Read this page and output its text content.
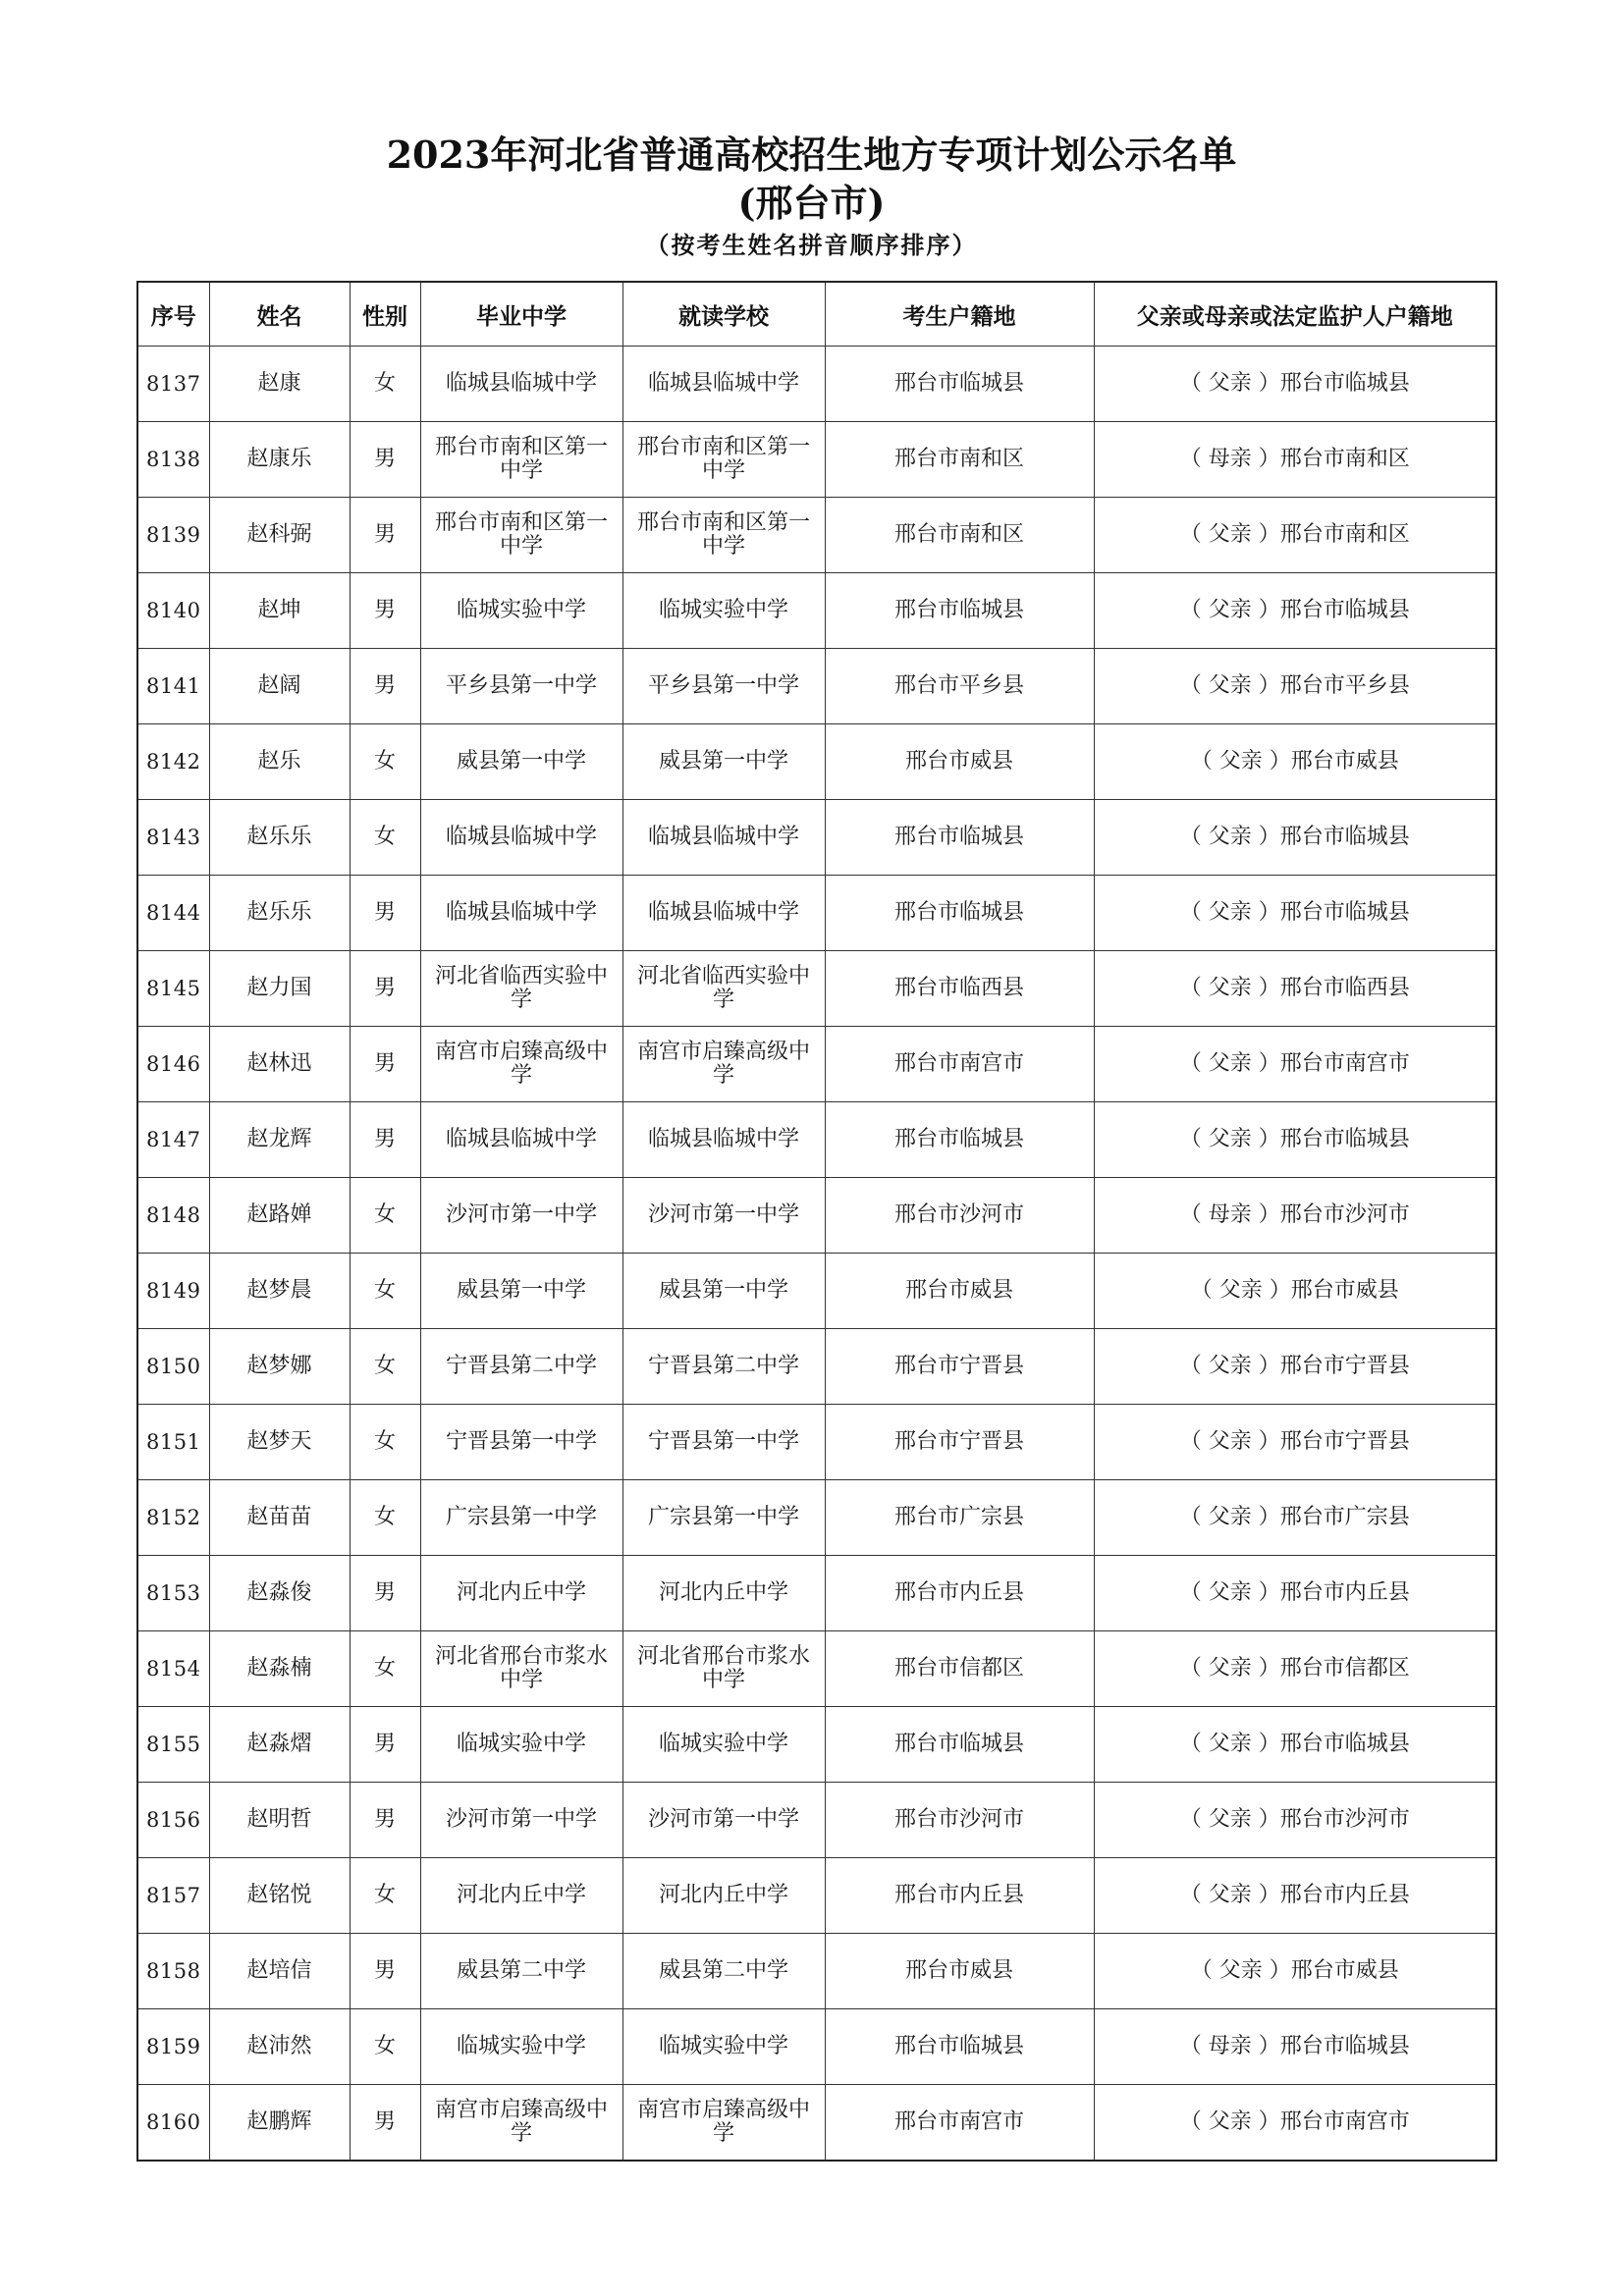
2023年河北省普通高校招生地方专项计划公示名单
(邢台市)
（按考生姓名拼音顺序排序）
序号	姓名	性别	毕业中学	就读学校	考生户籍地	父亲或母亲或法定监护人户籍地
8137	赵康	女	临城县临城中学	临城县临城中学	邢台市临城县	（ 父亲 ）邢台市临城县
8138	赵康乐	男	邢台市南和区第一中学	邢台市南和区第一中学	邢台市南和区	（ 母亲 ）邢台市南和区
8139	赵科弼	男	邢台市南和区第一中学	邢台市南和区第一中学	邢台市南和区	（ 父亲 ）邢台市南和区
8140	赵坤	男	临城实验中学	临城实验中学	邢台市临城县	（ 父亲 ）邢台市临城县
8141	赵阔	男	平乡县第一中学	平乡县第一中学	邢台市平乡县	（ 父亲 ）邢台市平乡县
8142	赵乐	女	威县第一中学	威县第一中学	邢台市威县	（ 父亲 ）邢台市威县
8143	赵乐乐	女	临城县临城中学	临城县临城中学	邢台市临城县	（ 父亲 ）邢台市临城县
8144	赵乐乐	男	临城县临城中学	临城县临城中学	邢台市临城县	（ 父亲 ）邢台市临城县
8145	赵力国	男	河北省临西实验中学	河北省临西实验中学	邢台市临西县	（ 父亲 ）邢台市临西县
8146	赵林迅	男	南宫市启臻高级中学	南宫市启臻高级中学	邢台市南宫市	（ 父亲 ）邢台市南宫市
8147	赵龙辉	男	临城县临城中学	临城县临城中学	邢台市临城县	（ 父亲 ）邢台市临城县
8148	赵路婵	女	沙河市第一中学	沙河市第一中学	邢台市沙河市	（ 母亲 ）邢台市沙河市
8149	赵梦晨	女	威县第一中学	威县第一中学	邢台市威县	（ 父亲 ）邢台市威县
8150	赵梦娜	女	宁晋县第二中学	宁晋县第二中学	邢台市宁晋县	（ 父亲 ）邢台市宁晋县
8151	赵梦天	女	宁晋县第一中学	宁晋县第一中学	邢台市宁晋县	（ 父亲 ）邢台市宁晋县
8152	赵苗苗	女	广宗县第一中学	广宗县第一中学	邢台市广宗县	（ 父亲 ）邢台市广宗县
8153	赵淼俊	男	河北内丘中学	河北内丘中学	邢台市内丘县	（ 父亲 ）邢台市内丘县
8154	赵淼楠	女	河北省邢台市浆水中学	河北省邢台市浆水中学	邢台市信都区	（ 父亲 ）邢台市信都区
8155	赵淼熠	男	临城实验中学	临城实验中学	邢台市临城县	（ 父亲 ）邢台市临城县
8156	赵明哲	男	沙河市第一中学	沙河市第一中学	邢台市沙河市	（ 父亲 ）邢台市沙河市
8157	赵铭悦	女	河北内丘中学	河北内丘中学	邢台市内丘县	（ 父亲 ）邢台市内丘县
8158	赵培信	男	威县第二中学	威县第二中学	邢台市威县	（ 父亲 ）邢台市威县
8159	赵沛然	女	临城实验中学	临城实验中学	邢台市临城县	（ 母亲 ）邢台市临城县
8160	赵鹏辉	男	南宫市启臻高级中学	南宫市启臻高级中学	邢台市南宫市	（ 父亲 ）邢台市南宫市
